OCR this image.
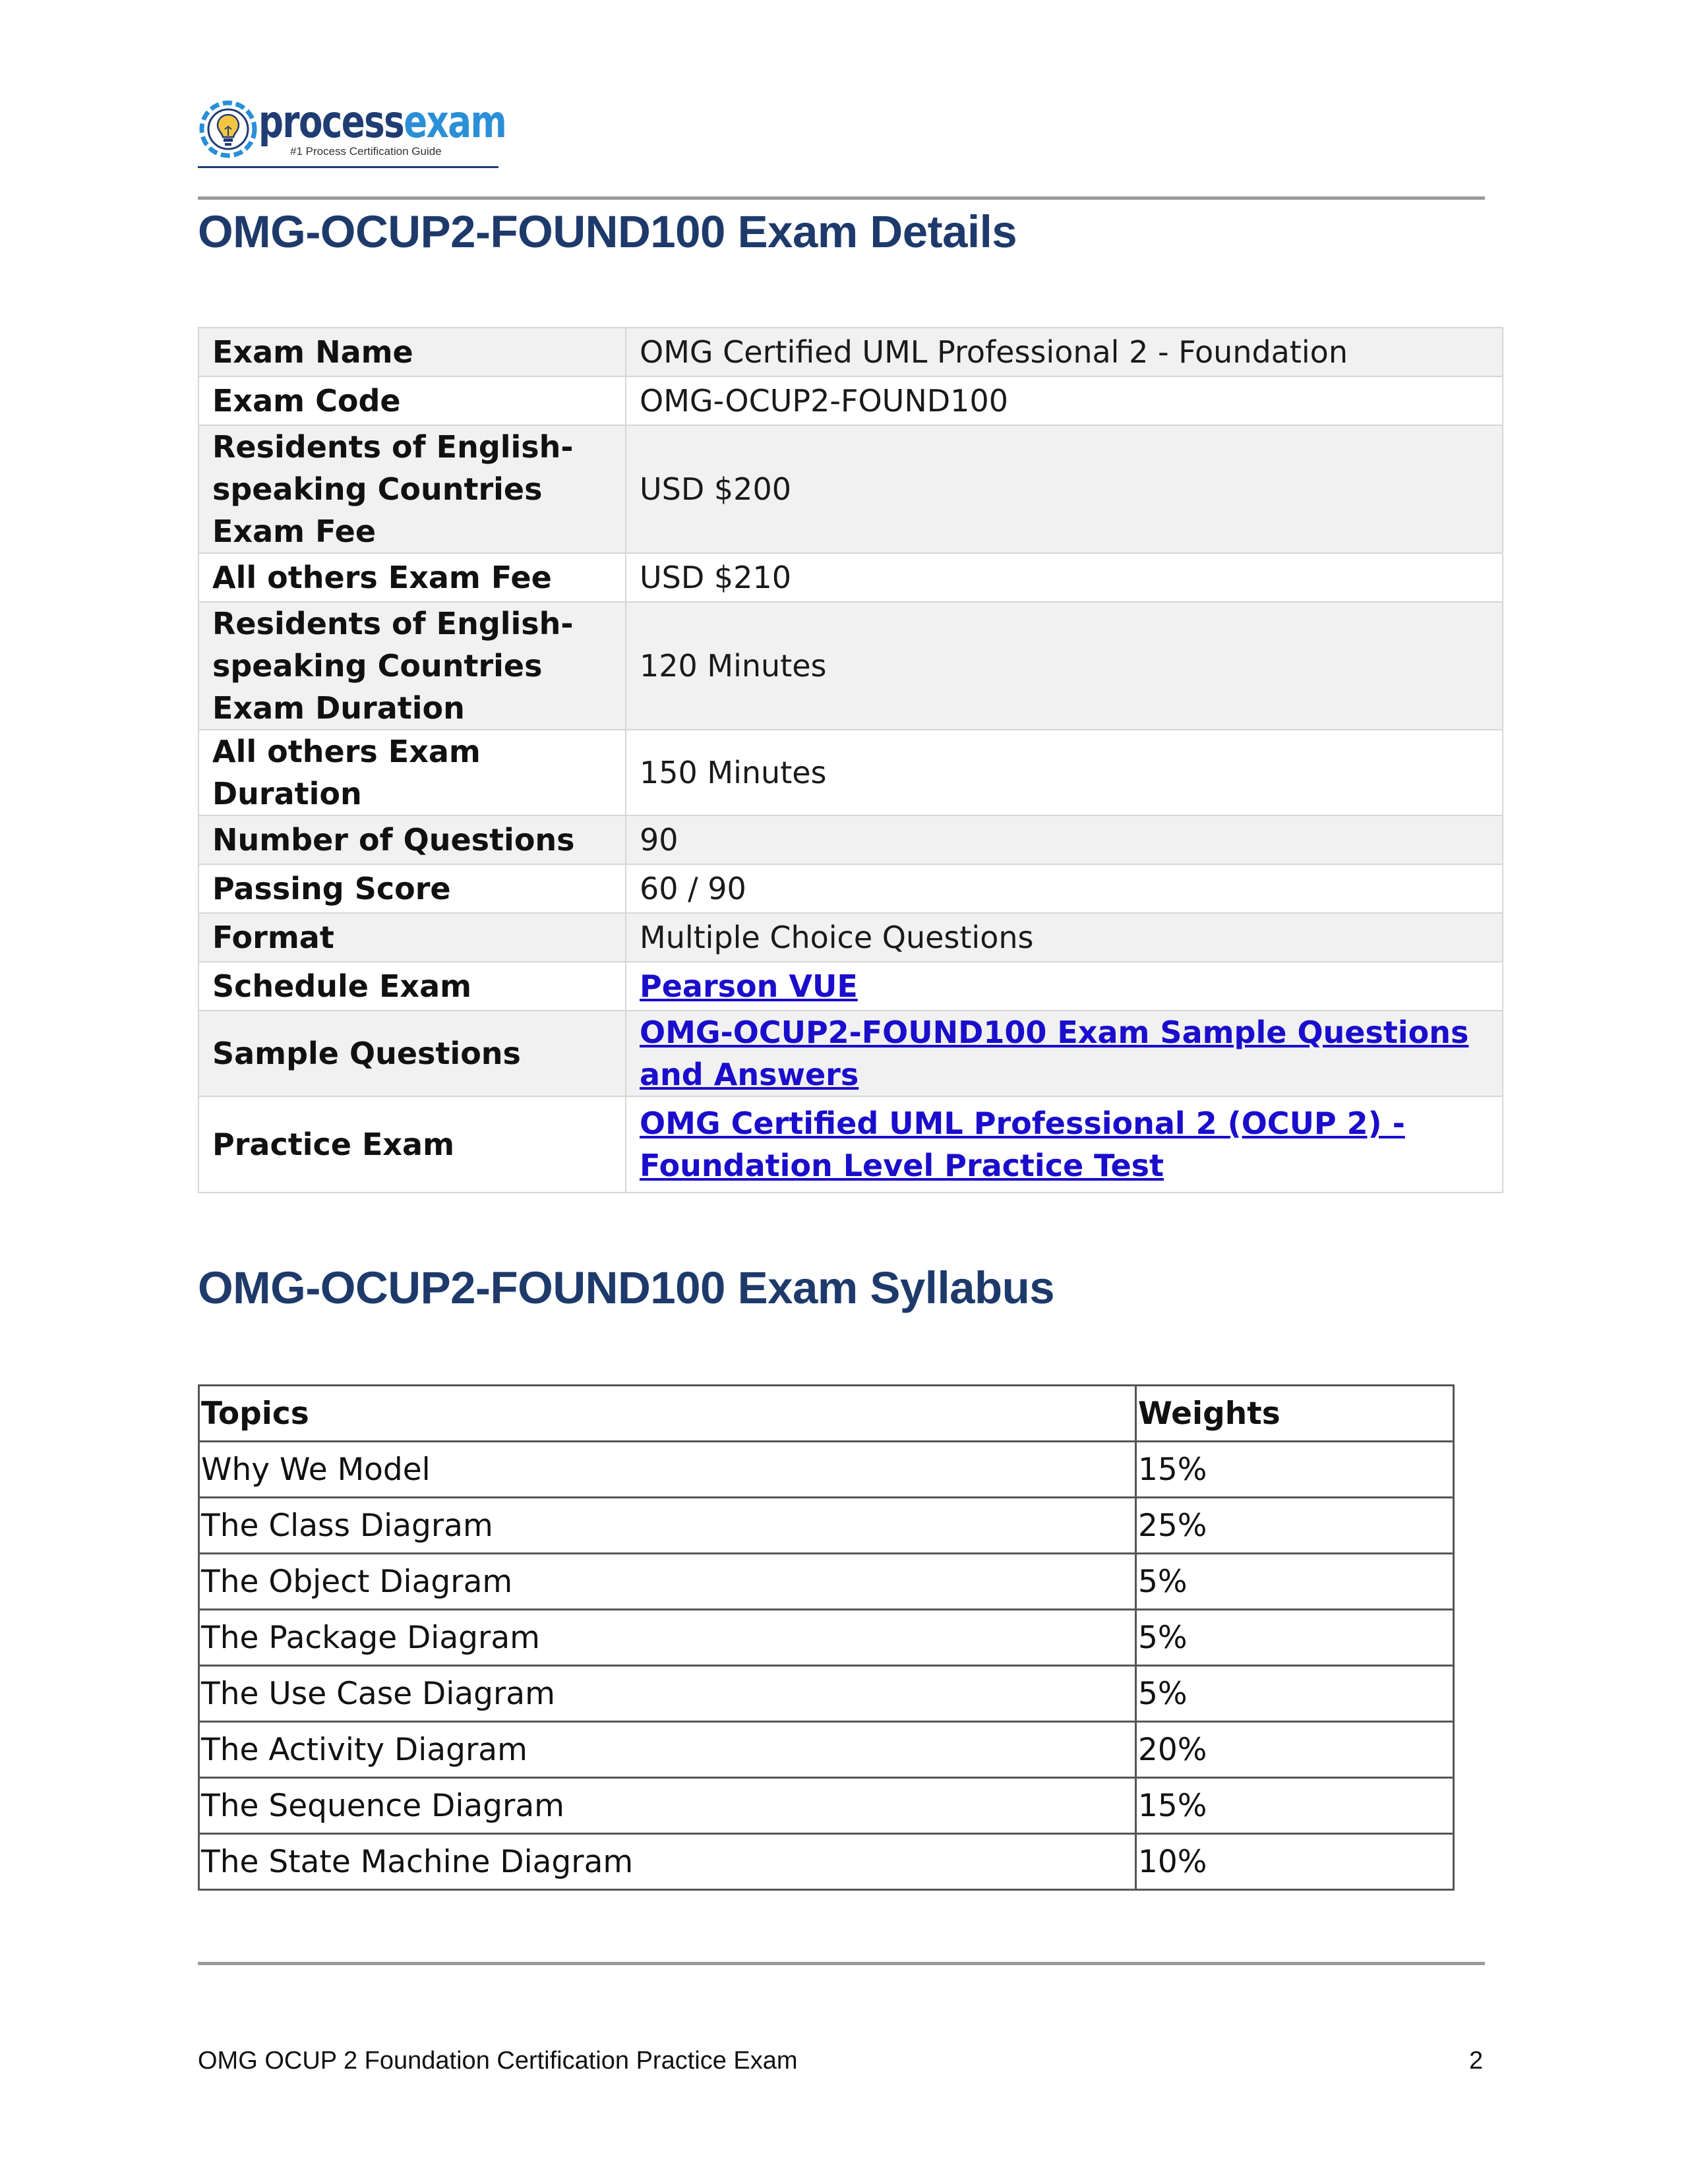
processexam
#1 Process Certification Guide
OMG-OCUP2-FOUND100 Exam Details
Exam Name	OMG Certified UML Professional 2 - Foundation
Exam Code	OMG-OCUP2-FOUND100

Residents of English-
speaking Countries
Exam Fee	USD $200
All others Exam Fee	USD $210

Residents of English-
speaking Countries
Exam Duration	120 Minutes

All others Exam
Duration	150 Minutes
Number of Questions	90
Passing Score	60 / 90
Format	Multiple Choice Questions
Schedule Exam	Pearson VUE
Sample Questions	OMG-OCUP2-FOUND100 Exam Sample Questions
and Answers
Practice Exam	OMG Certified UML Professional 2 (OCUP 2) -
Foundation Level Practice Test
OMG-OCUP2-FOUND100 Exam Syllabus
Topics	Weights
Why We Model	15%
The Class Diagram	25%
The Object Diagram	5%
The Package Diagram	5%
The Use Case Diagram	5%
The Activity Diagram	20%
The Sequence Diagram	15%
The State Machine Diagram	10%
OMG OCUP 2 Foundation Certification Practice Exam	2
